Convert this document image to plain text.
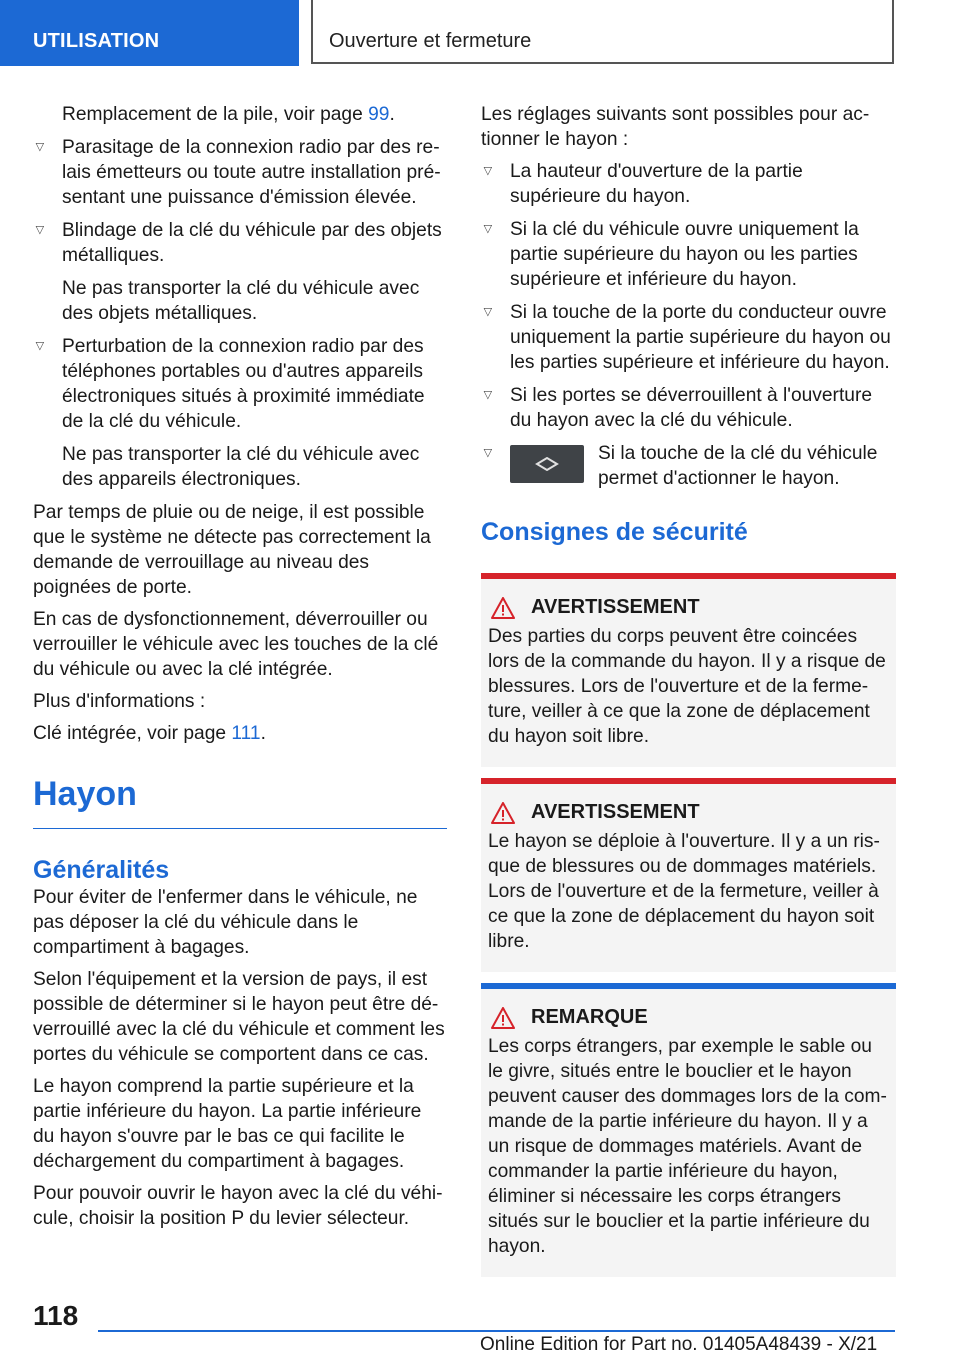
UTILISATION	Ouverture et fermeture

Remplacement de la pile, voir page 99.

▷ Parasitage de la connexion radio par des relais émetteurs ou toute autre installation présentant une puissance d'émission élevée.
▷ Blindage de la clé du véhicule par des objets métalliques.
Ne pas transporter la clé du véhicule avec des objets métalliques.
▷ Perturbation de la connexion radio par des téléphones portables ou d'autres appareils électroniques situés à proximité immédiate de la clé du véhicule.
Ne pas transporter la clé du véhicule avec des appareils électroniques.

Par temps de pluie ou de neige, il est possible que le système ne détecte pas correctement la demande de verrouillage au niveau des poignées de porte.

En cas de dysfonctionnement, déverrouiller ou verrouiller le véhicule avec les touches de la clé du véhicule ou avec la clé intégrée.

Plus d'informations :

Clé intégrée, voir page 111.

Hayon
Généralités

Pour éviter de l'enfermer dans le véhicule, ne pas déposer la clé du véhicule dans le compartiment à bagages.

Selon l'équipement et la version de pays, il est possible de déterminer si le hayon peut être déverrouillé avec la clé du véhicule et comment les portes du véhicule se comportent dans ce cas.

Le hayon comprend la partie supérieure et la partie inférieure du hayon. La partie inférieure du hayon s'ouvre par le bas ce qui facilite le déchargement du compartiment à bagages.

Pour pouvoir ouvrir le hayon avec la clé du véhicule, choisir la position P du levier sélecteur.

Les réglages suivants sont possibles pour actionner le hayon :

▷ La hauteur d'ouverture de la partie supérieure du hayon.
▷ Si la clé du véhicule ouvre uniquement la partie supérieure du hayon ou les parties supérieure et inférieure du hayon.
▷ Si la touche de la porte du conducteur ouvre uniquement la partie supérieure du hayon ou les parties supérieure et inférieure du hayon.
▷ Si les portes se déverrouillent à l'ouverture du hayon avec la clé du véhicule.
▷ Si la touche de la clé du véhicule permet d'actionner le hayon.
Consignes de sécurité
AVERTISSEMENT
Des parties du corps peuvent être coincées lors de la commande du hayon. Il y a risque de blessures. Lors de l'ouverture et de la fermeture, veiller à ce que la zone de déplacement du hayon soit libre.
AVERTISSEMENT
Le hayon se déploie à l'ouverture. Il y a un risque de blessures ou de dommages matériels. Lors de l'ouverture et de la fermeture, veiller à ce que la zone de déplacement du hayon soit libre.
REMARQUE
Les corps étrangers, par exemple le sable ou le givre, situés entre le bouclier et le hayon peuvent causer des dommages lors de la commande de la partie inférieure du hayon. Il y a un risque de dommages matériels. Avant de commander la partie inférieure du hayon, éliminer si nécessaire les corps étrangers situés sur le bouclier et la partie inférieure du hayon.
118
Online Edition for Part no. 01405A48439 - X/21
